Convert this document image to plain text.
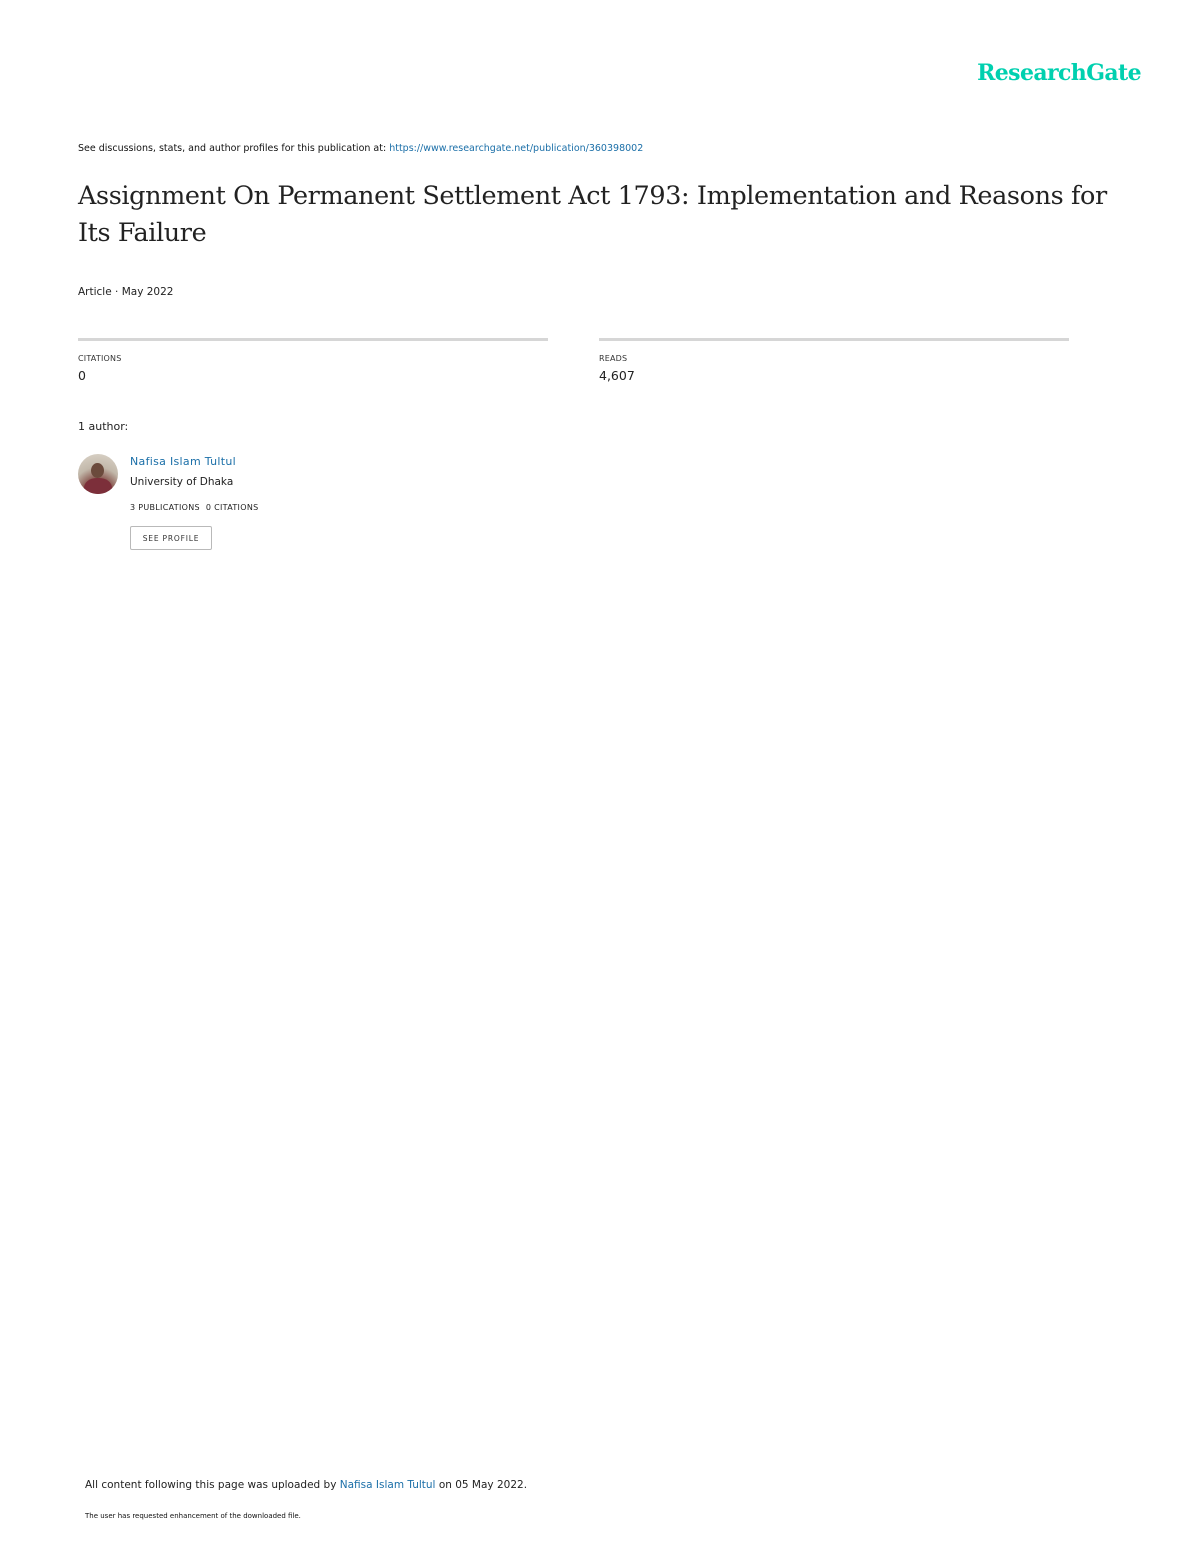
ResearchGate
See discussions, stats, and author profiles for this publication at: https://www.researchgate.net/publication/360398002
Assignment On Permanent Settlement Act 1793: Implementation and Reasons for Its Failure
Article · May 2022
CITATIONS
0
READS
4,607
1 author:
Nafisa Islam Tultul
University of Dhaka
3 PUBLICATIONS 0 CITATIONS
SEE PROFILE
All content following this page was uploaded by Nafisa Islam Tultul on 05 May 2022.
The user has requested enhancement of the downloaded file.
